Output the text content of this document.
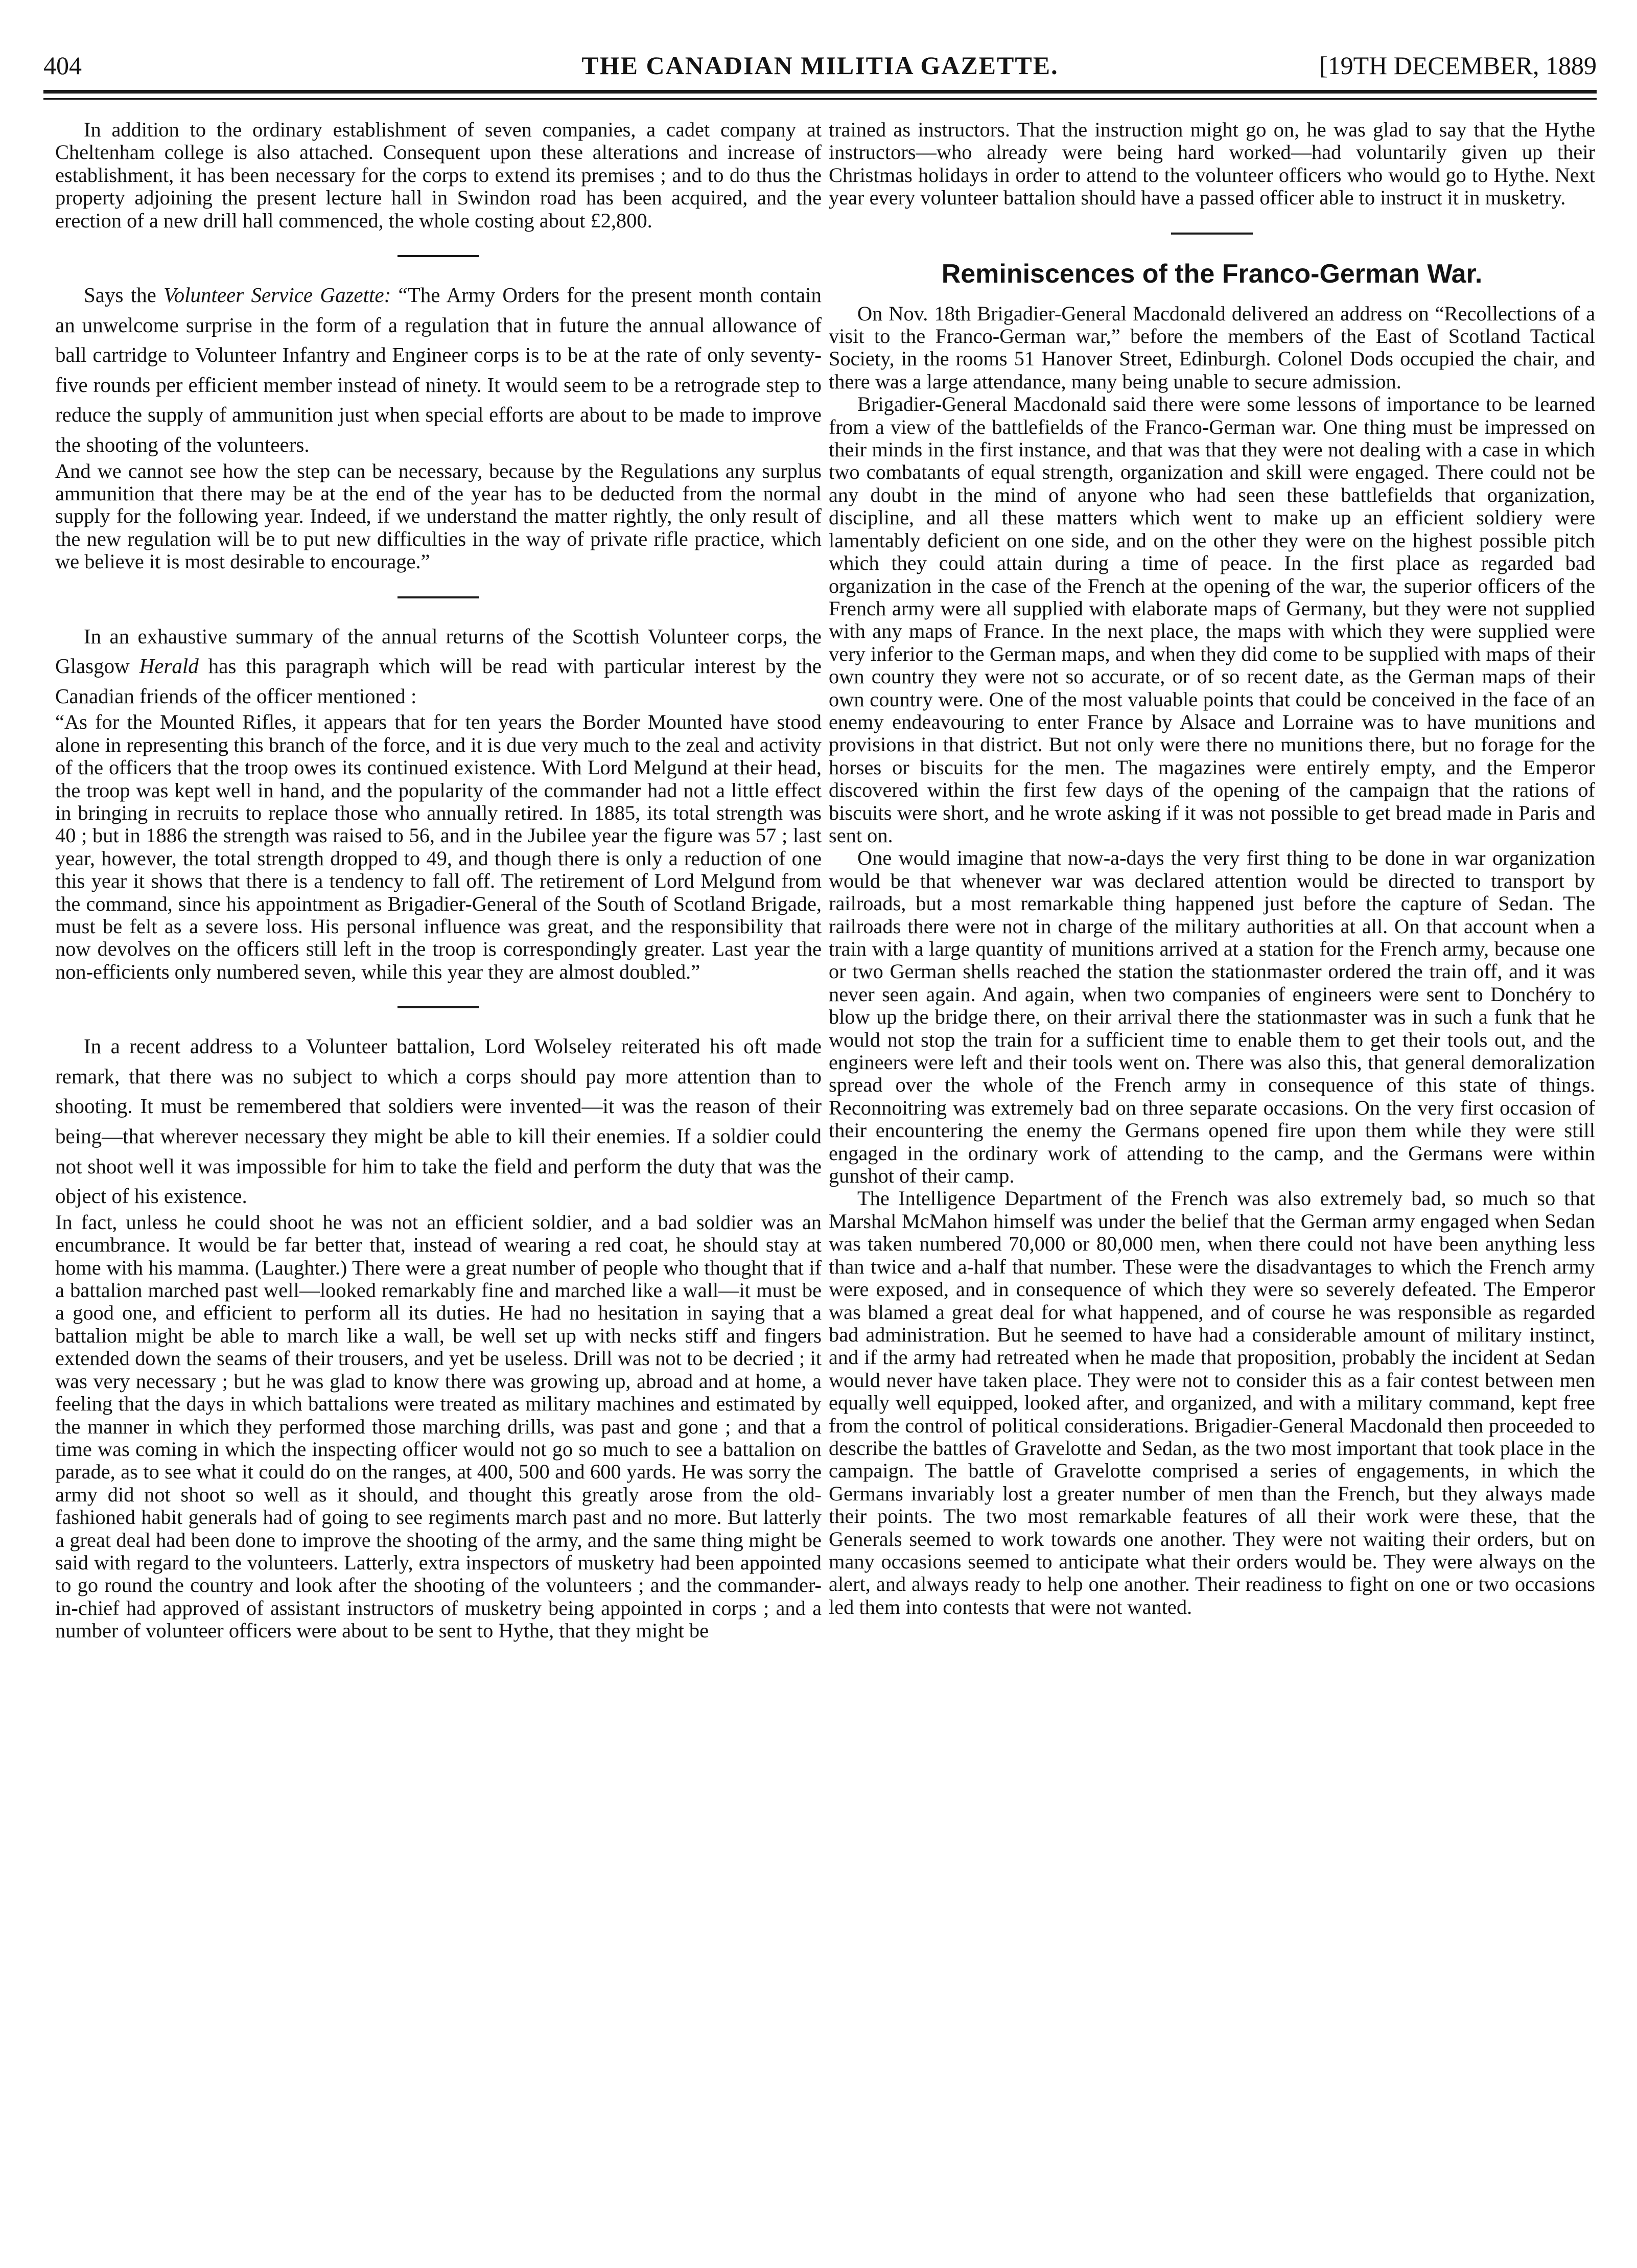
404	THE CANADIAN MILITIA GAZETTE.	[19TH DECEMBER, 1889

In addition to the ordinary establishment of seven companies, a cadet company at Cheltenham college is also attached. Consequent upon these alterations and increase of establishment, it has been necessary for the corps to extend its premises ; and to do thus the property adjoining the present lecture hall in Swindon road has been acquired, and the erection of a new drill hall commenced, the whole costing about £2,800.

Says the Volunteer Service Gazette: “The Army Orders for the present month contain an unwelcome surprise in the form of a regulation that in future the annual allowance of ball cartridge to Volunteer Infantry and Engineer corps is to be at the rate of only seventy-five rounds per efficient member instead of ninety. It would seem to be a retrograde step to reduce the supply of ammunition just when special efforts are about to be made to improve the shooting of the volunteers.

And we cannot see how the step can be necessary, because by the Regulations any surplus ammunition that there may be at the end of the year has to be deducted from the normal supply for the following year. Indeed, if we understand the matter rightly, the only result of the new regulation will be to put new difficulties in the way of private rifle practice, which we believe it is most desirable to encourage.”

In an exhaustive summary of the annual returns of the Scottish Volunteer corps, the Glasgow Herald has this paragraph which will be read with particular interest by the Canadian friends of the officer mentioned :

“As for the Mounted Rifles, it appears that for ten years the Border Mounted have stood alone in representing this branch of the force, and it is due very much to the zeal and activity of the officers that the troop owes its continued existence. With Lord Melgund at their head, the troop was kept well in hand, and the popularity of the commander had not a little effect in bringing in recruits to replace those who annually retired. In 1885, its total strength was 40 ; but in 1886 the strength was raised to 56, and in the Jubilee year the figure was 57 ; last year, however, the total strength dropped to 49, and though there is only a reduction of one this year it shows that there is a tendency to fall off. The retirement of Lord Melgund from the command, since his appointment as Brigadier-General of the South of Scotland Brigade, must be felt as a severe loss. His personal influence was great, and the responsibility that now devolves on the officers still left in the troop is correspondingly greater. Last year the non-efficients only numbered seven, while this year they are almost doubled.”

In a recent address to a Volunteer battalion, Lord Wolseley reiterated his oft made remark, that there was no subject to which a corps should pay more attention than to shooting. It must be remembered that soldiers were invented—it was the reason of their being—that wherever necessary they might be able to kill their enemies. If a soldier could not shoot well it was impossible for him to take the field and perform the duty that was the object of his existence.

In fact, unless he could shoot he was not an efficient soldier, and a bad soldier was an encumbrance. It would be far better that, instead of wearing a red coat, he should stay at home with his mamma. (Laughter.) There were a great number of people who thought that if a battalion marched past well—looked remarkably fine and marched like a wall—it must be a good one, and efficient to perform all its duties. He had no hesitation in saying that a battalion might be able to march like a wall, be well set up with necks stiff and fingers extended down the seams of their trousers, and yet be useless. Drill was not to be decried ; it was very necessary ; but he was glad to know there was growing up, abroad and at home, a feeling that the days in which battalions were treated as military machines and estimated by the manner in which they performed those marching drills, was past and gone ; and that a time was coming in which the inspecting officer would not go so much to see a battalion on parade, as to see what it could do on the ranges, at 400, 500 and 600 yards. He was sorry the army did not shoot so well as it should, and thought this greatly arose from the old-fashioned habit generals had of going to see regiments march past and no more. But latterly a great deal had been done to improve the shooting of the army, and the same thing might be said with regard to the volunteers. Latterly, extra inspectors of musketry had been appointed to go round the country and look after the shooting of the volunteers ; and the commander-in-chief had approved of assistant instructors of musketry being appointed in corps ; and a number of volunteer officers were about to be sent to Hythe, that they might be

trained as instructors. That the instruction might go on, he was glad to say that the Hythe instructors—who already were being hard worked—had voluntarily given up their Christmas holidays in order to attend to the volunteer officers who would go to Hythe. Next year every volunteer battalion should have a passed officer able to instruct it in musketry.

Reminiscences of the Franco-German War.

On Nov. 18th Brigadier-General Macdonald delivered an address on “Recollections of a visit to the Franco-German war,” before the members of the East of Scotland Tactical Society, in the rooms 51 Hanover Street, Edinburgh. Colonel Dods occupied the chair, and there was a large attendance, many being unable to secure admission.

Brigadier-General Macdonald said there were some lessons of importance to be learned from a view of the battlefields of the Franco-German war. One thing must be impressed on their minds in the first instance, and that was that they were not dealing with a case in which two combatants of equal strength, organization and skill were engaged. There could not be any doubt in the mind of anyone who had seen these battlefields that organization, discipline, and all these matters which went to make up an efficient soldiery were lamentably deficient on one side, and on the other they were on the highest possible pitch which they could attain during a time of peace. In the first place as regarded bad organization in the case of the French at the opening of the war, the superior officers of the French army were all supplied with elaborate maps of Germany, but they were not supplied with any maps of France. In the next place, the maps with which they were supplied were very inferior to the German maps, and when they did come to be supplied with maps of their own country they were not so accurate, or of so recent date, as the German maps of their own country were. One of the most valuable points that could be conceived in the face of an enemy endeavouring to enter France by Alsace and Lorraine was to have munitions and provisions in that district. But not only were there no munitions there, but no forage for the horses or biscuits for the men. The magazines were entirely empty, and the Emperor discovered within the first few days of the opening of the campaign that the rations of biscuits were short, and he wrote asking if it was not possible to get bread made in Paris and sent on.

One would imagine that now-a-days the very first thing to be done in war organization would be that whenever war was declared attention would be directed to transport by railroads, but a most remarkable thing happened just before the capture of Sedan. The railroads there were not in charge of the military authorities at all. On that account when a train with a large quantity of munitions arrived at a station for the French army, because one or two German shells reached the station the stationmaster ordered the train off, and it was never seen again. And again, when two companies of engineers were sent to Donchéry to blow up the bridge there, on their arrival there the stationmaster was in such a funk that he would not stop the train for a sufficient time to enable them to get their tools out, and the engineers were left and their tools went on. There was also this, that general demoralization spread over the whole of the French army in consequence of this state of things. Reconnoitring was extremely bad on three separate occasions. On the very first occasion of their encountering the enemy the Germans opened fire upon them while they were still engaged in the ordinary work of attending to the camp, and the Germans were within gunshot of their camp.

The Intelligence Department of the French was also extremely bad, so much so that Marshal McMahon himself was under the belief that the German army engaged when Sedan was taken numbered 70,000 or 80,000 men, when there could not have been anything less than twice and a-half that number. These were the disadvantages to which the French army were exposed, and in consequence of which they were so severely defeated. The Emperor was blamed a great deal for what happened, and of course he was responsible as regarded bad administration. But he seemed to have had a considerable amount of military instinct, and if the army had retreated when he made that proposition, probably the incident at Sedan would never have taken place. They were not to consider this as a fair contest between men equally well equipped, looked after, and organized, and with a military command, kept free from the control of political considerations. Brigadier-General Macdonald then proceeded to describe the battles of Gravelotte and Sedan, as the two most important that took place in the campaign. The battle of Gravelotte comprised a series of engagements, in which the Germans invariably lost a greater number of men than the French, but they always made their points. The two most remarkable features of all their work were these, that the Generals seemed to work towards one another. They were not waiting their orders, but on many occasions seemed to anticipate what their orders would be. They were always on the alert, and always ready to help one another. Their readiness to fight on one or two occasions led them into contests that were not wanted.
